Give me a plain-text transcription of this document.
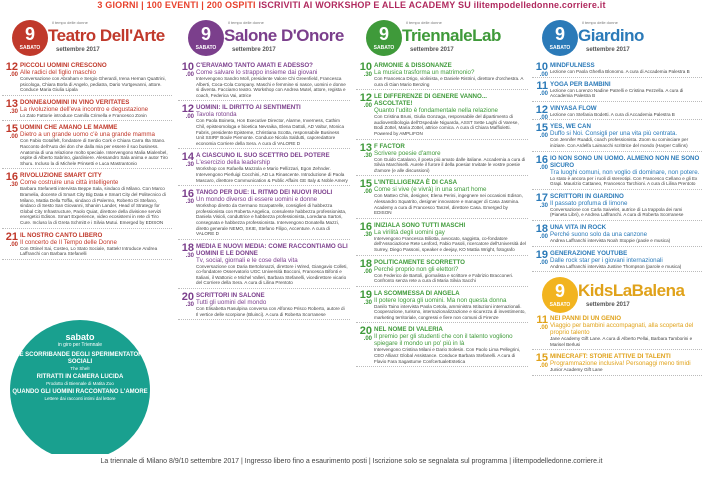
3 GIORNI | 100 EVENTI | 200 OSPITI ISCRIVITI AI WORKSHOP E ALLE ACADEMY SU ilitempodelledonne.corriere.it
9
SABATO
il tempo delle donne
Teatro Dell'Arte
settembre 2017
12
.00
PICCOLI UOMINI CRESCONO
Alle radici del figlio maschio
Conversazione con Abraham e Sergio Gherardi, Irena Hernan Quattrini, psicologa, Chiara Borla di Angelo, pediatra, Dario Vurtgevanni, attore. Conduce Maria Giulia Lipala
13
.30
DONNE&UOMINI IN VINO VERITATES
La rivoluzione dell'eva incontro e degustazione
Lo Zato Fattorie introduce Camilla Crimella e Francesco Zonin
15
.00
UOMINI CHE AMANO LE MAMME
Dietro a un grande uomo c'è una grande mamma
Con Fabio Gotalfelt, fondatore di Serdio Cork e Chiara Carra Ilta Stano. Racconto dell'Auto dei don che dalla mia per essere il suo business. Anatomia di una relazione molto speciale. Intervengono Malia Mialenbel, ospite di Alberto Sabrino, giardiniere. Alessandro Sala anima e autor Tiro Shuru. Incluso la di Michele Prinsetti e Luca Mastrantonio
16
.30
RIVOLUZIONE SMART CITY
Come costruire una città intelligente
Barbara Stefanetti intervista Beppe Sala, sindaco di Milano. Con Marco Bramelia, docente di Smart City Big Data e Smart City del Politecnico di Milano, Mattia Della Toffia, sindaco di Palermo, Roberto Di Stefano, sindaco di Sesto San Giovanni, Shanim Lander, Head of Strategy for Global City Infrastructure, Paolo Quiat, direttore della divisione servizi energetici Edison. Smart Experience, video ecosistemi in rete di Tiro Cure. Incluso la di Greta Schmitt e i Silvia Mutui. Emerged by EDISON
21
.00
IL NOSTRO CANTO LIBERO
Il concerto de Il Tempo delle Donne
Con Ottinel Sai, Costeo, Lo Stato Sociale, Sattek! Introduce Andrea Laffranchi con Barbara Stefanelli
sabato
in giro per Triennale
LE SCORRIBANDE DEGLI SPERIMENTATORI SOCIALI
The Shel!
RITRATTI IN CAMERA LUCIDA
Prodotto di Biennale di Matita Zoo
QUANDO GLI UOMINI RACCONTANO L'AMORE
Lettere dai racconti intimi dal lettore
9
SABATO
il tempo delle donne
Salone D'Onore
settembre 2017
10
.00
C'ERAVAMO TANTO AMATI E ADESSO?
Come salvare lo strappo insieme dai giovani
Intervengono Sandro Moll, presidente Valore Chi Greenfield, Francesca Alberti, Coca-Cola Company. Maschi e femmine si nasce, uomini e donne si diventa. Facciamo teatro. Workshop con Andrea Mutel, attore, regista e coach, Federica Vai, attrice
12
.00
UOMINI: IL DIRITTO AI SENTIMENTI
Tavola rotonda
Con Paola Boineta, Hon Executive Director, Alarme, Inverness, Cathim Chil, episteomologa e bioetica Nevraika, Elena Dattoli, AD Valtur, Monica Fabris, presidente Episteme, Christiana Scotta, responsabile Business Unit SSIRF Boule Piemonte. Conduce Nicola Saldutti, caporedattore economia Corriere della Sera. A cura di VALORE D
14
.30
A CIASCUNO IL SUO SCETTRO DEL POTERE
L'esercizio della leadership
Workshop con Rafaella Mazzola e Mario Pellizzari, Egon Zehnder. Intervengono Pierluigi Cocchini, AD La Rinascente. Introduzione di Paola Mascaro, direttore Communication & Public Affairs GE Italy & Noble Amery
16
.30
TANGO PER DUE: IL RITMO DEI NUOVI RUOLI
Un mondo diverso di essere uomini e donne
Workshop diretto da Germano Scarpatrelle, consiglieri di habbezza professionista con Roberta Angelica, consulente habbezza professionista, Daniela Visioli, conduttrice e habbezza professionista, Loredana Sartori, consegnata e habbezza professionista. Intervengono Donatella Mazzi, diretto generale NEMO, SKIE, Stefano Filipo, Accenture. A cura di VALORE D
18
.30
MEDIA E NUOVI MEDIA: COME RACCONTIAMO GLI UOMINI E LE DONNE
Tv, social, giornali e le cose della vita
Conversazione con Daria Bertolonazzi, direttore i Wired, Giangavio Colleti, co-fondatore Osservatorio UGC Università Bocconi, Francesca Bifonti e Italiani, il Wattonic e Michel Valleri, Barbara Stefanelli, vicedirettore vicario del Corriere della Sera. A cura di Lilina Prentoto
20
.30
SCRITTORI IN SALONE
Tutti gli uomini del mondo
Con Elisabetta Rasulpina conversa con Alfonso Prisco Roberto, autore di Il vertice delle scorpione (Bluinci). A cura di Roberta Scorranese
9
SABATO
il tempo delle donne
TriennaleLab
settembre 2017
10
.30
ARMONIE & DISSONANZE
La musica trasforma un matrimonio?
Con Francesca Drigo, violinista, e Daniele Ristrini, direttore d'orchestra. A cura di Gian Mario Benzing
12
.00
LE DIFFERENZE DI GENERE VANNO... ASCOLTATE!
Quanto l'udito è fondamentale nella relazione
Con Cristina Bruni, Giulia Gonzaga, responsabile del dipartimento di audiovestibologia dell'Ospedale Niguarda, ASST Sette Laghi di Varese, Bodi Zottel, Maria Zottel, attrice comica. A cura di Chiara Maffioletti. Powered by AMPLIFON
13
.30
F FACTOR
Scrivere poesie d'amore
Con Guido Catalano, il poeta più amato dalle italiane. Accademia a cura di Silvia Marchiselli. Aurele il furore il della poesia! Invitate le vostre poesie d'amore (e alle discussioni)
15
.00
L'INTELLIGENZA È DI CASA
Come si vive (e vivrà) in una smart home
Con Matteo Chis, designer, Elena Perini, ingegnere nei occasioni Edison, Alessandro Squatrito, designer innovatore e manager di Casa Jasmina. Academy a cura di Francesco Tanzel, direttore Casa. Emerged by EDISON
16
.30
INIZIALA SONO TUTTI MASCHI
La virilità degli uomini gay
Intervengono Francesca Biliotta, avvocato, saggista, co-fondatore dell'Associazione Rete Lenford, Fabio Fasoli, ricercatore dell'Università del Surrey, Diego Passoni, speaker e deejay, KO Mattia Wright, fotografo
18
.00
POLITICAMENTE SCORRETTO
Perché proprio non gli elettori?
Con Federico de Bartoli, giornalista e scrittore e Fabrizio Bracconeri. Confronto senza rete a cura di Maria Silvia Sacchi
19
.30
LA SCOMMESSA DI ANGELA
Il potere logora gli uomini. Ma non questa donna
Danilo Taino intervista Paola Cetola, amministra Istituzioni internazionali. Cooperazione, turismo, internazionalizzazione e sicurezza di investimento, marketing territoriale, congressi e fiere non comuni di Firenze
20
.00
NEL NOME DI VALERIA
Il premio per gli studenti che con il talento vogliono spiegare il mondo un po' più in là
Intervengono Cristina Milani e Dario Solesin. Con Paolo Lima Pellegrini, CEO Allianz Global Assistance. Conduce Barbara Stefanelli. A cura di Flavio Fara Sagastume ConfcertualeEstetica
9
SABATO
il tempo delle donne
Giardino
settembre 2017
10
.00
MINDFULNESS
Lezione con Paola Gherlla Blonomo. A cura di Accademia Palestra B
11
.00
YOGA PER BAMBINI
Lezione con Lorenzo Nadine Patrelli e Cristina Pezzella. A cura di Accademia Palestra B
12
.00
VINYASA FLOW
Lezione con Stefania Bodetti. A cura di Accademia Palestra B
15
.00
YES, WE CAN
Duffo si Noi. Consigli per una vita più centrata.
Con Jennifer Ruaddi, coach professionista. Zoom su cominciare per iniziare. Con Ardelfa Laimacchi scrittrice del mondo (Harper Collins)
16
.00
IO NON SONO UN UOMO. ALMENO NON NE SONO SICURO
Tra luoghi comuni, non voglio di dominare, non potere.
Lo stato è ancora per i ruoli di stereotipi. Con Francesco Cellano e gli Ex Grapi. Maurizio Cattaneo, Francesco Tarchioni. A cura di Lilina Prentoto
17
.30
SCRITTORI IN GIARDINO
Il passato profuma di limone
Conversazione con Carla Saivelet, autrice di La trappola dei rami (Pianeta Libri), e Andrea Laffranchi. A cura di Roberta Scorranese
18
.00
UNA VITA IN ROCK
Perché suono solo da una canzone
Andrea Laffranchi intervista Noah Stoppie (paole e musica)
19
.00
GENERAZIONE YOUTUBE
Dalle rock star per i giovani internazionali
Andrea Laffranchi intervista Justine Thompson (parole e musica)
9
SABATO
KidsLaBalena
settembre 2017
11
.00
NEI PANNI DI UN GENIO
Viaggio per bambini accompagnati, alla scoperta del proprio talento
Jane Academy Gift Lane. A cura di Alberto Pellai, Barbara Tamborini e Marisel Berlusi
15
.00
MINECRAFT: STORIE ATTIVE DI TALENTI
Programmazione inclusiva! Personaggi meno timidi
Junior Academy Gift Lane
La triennale di Milano 8/9/10 settembre 2017 | Ingresso libero fino a esaurimento posti | Iscrizione solo se segnalata sul programma | ilitempodelledonne.corriere.it
